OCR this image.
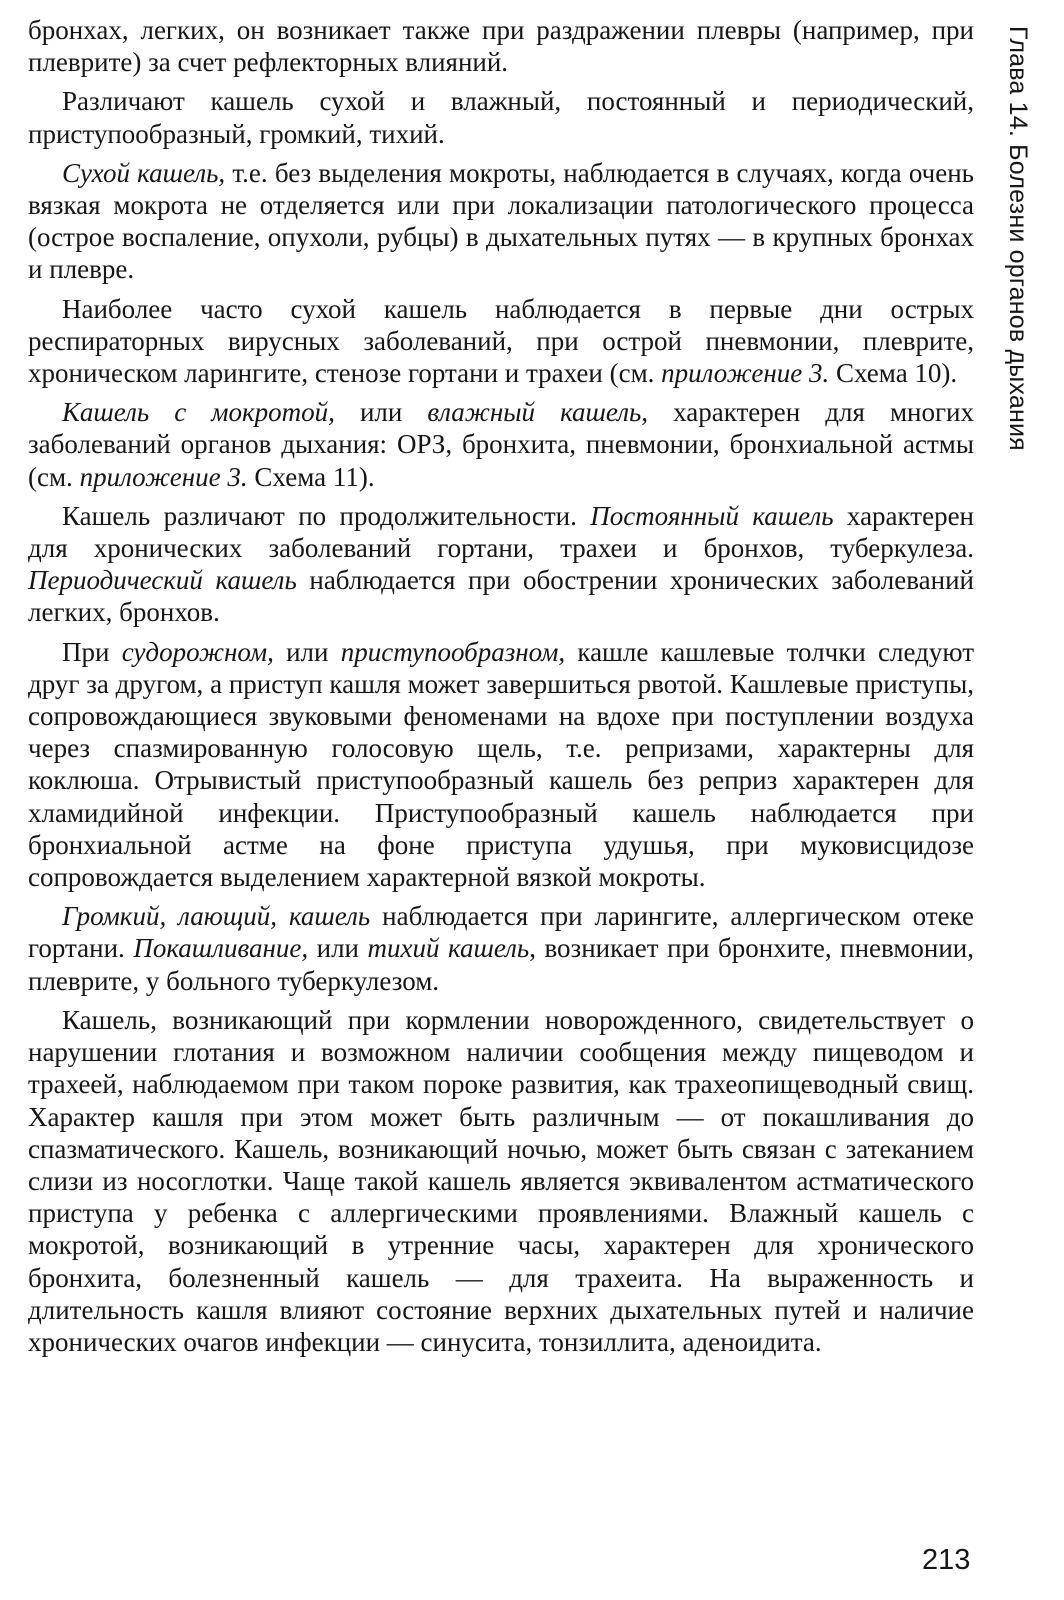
Глава 14. Болезни органов дыхания

бронхах, легких, он возникает также при раздражении плевры (например, при плеврите) за счет рефлекторных влияний.

Различают кашель сухой и влажный, постоянный и периодический, приступообразный, громкий, тихий.

Сухой кашель, т.е. без выделения мокроты, наблюдается в случаях, когда очень вязкая мокрота не отделяется или при локализации патологического процесса (острое воспаление, опухоли, рубцы) в дыхательных путях — в крупных бронхах и плевре.

Наиболее часто сухой кашель наблюдается в первые дни острых респираторных вирусных заболеваний, при острой пневмонии, плеврите, хроническом ларингите, стенозе гортани и трахеи (см. приложение 3. Схема 10).

Кашель с мокротой, или влажный кашель, характерен для многих заболеваний органов дыхания: ОРЗ, бронхита, пневмонии, бронхиальной астмы (см. приложение 3. Схема 11).

Кашель различают по продолжительности. Постоянный кашель характерен для хронических заболеваний гортани, трахеи и бронхов, туберкулеза. Периодический кашель наблюдается при обострении хронических заболеваний легких, бронхов.

При судорожном, или приступообразном, кашле кашлевые толчки следуют друг за другом, а приступ кашля может завершиться рвотой. Кашлевые приступы, сопровождающиеся звуковыми феноменами на вдохе при поступлении воздуха через спазмированную голосовую щель, т.е. репризами, характерны для коклюша. Отрывистый приступообразный кашель без реприз характерен для хламидийной инфекции. Приступообразный кашель наблюдается при бронхиальной астме на фоне приступа удушья, при муковисцидозе сопровождается выделением характерной вязкой мокроты.

Громкий, лающий, кашель наблюдается при ларингите, аллергическом отеке гортани. Покашливание, или тихий кашель, возникает при бронхите, пневмонии, плеврите, у больного туберкулезом.

Кашель, возникающий при кормлении новорожденного, свидетельствует о нарушении глотания и возможном наличии сообщения между пищеводом и трахеей, наблюдаемом при таком пороке развития, как трахеопищеводный свищ. Характер кашля при этом может быть различным — от покашливания до спазматического. Кашель, возникающий ночью, может быть связан с затеканием слизи из носоглотки. Чаще такой кашель является эквивалентом астматического приступа у ребенка с аллергическими проявлениями. Влажный кашель с мокротой, возникающий в утренние часы, характерен для хронического бронхита, болезненный кашель — для трахеита. На выраженность и длительность кашля влияют состояние верхних дыхательных путей и наличие хронических очагов инфекции — синусита, тонзиллита, аденоидита.

213
